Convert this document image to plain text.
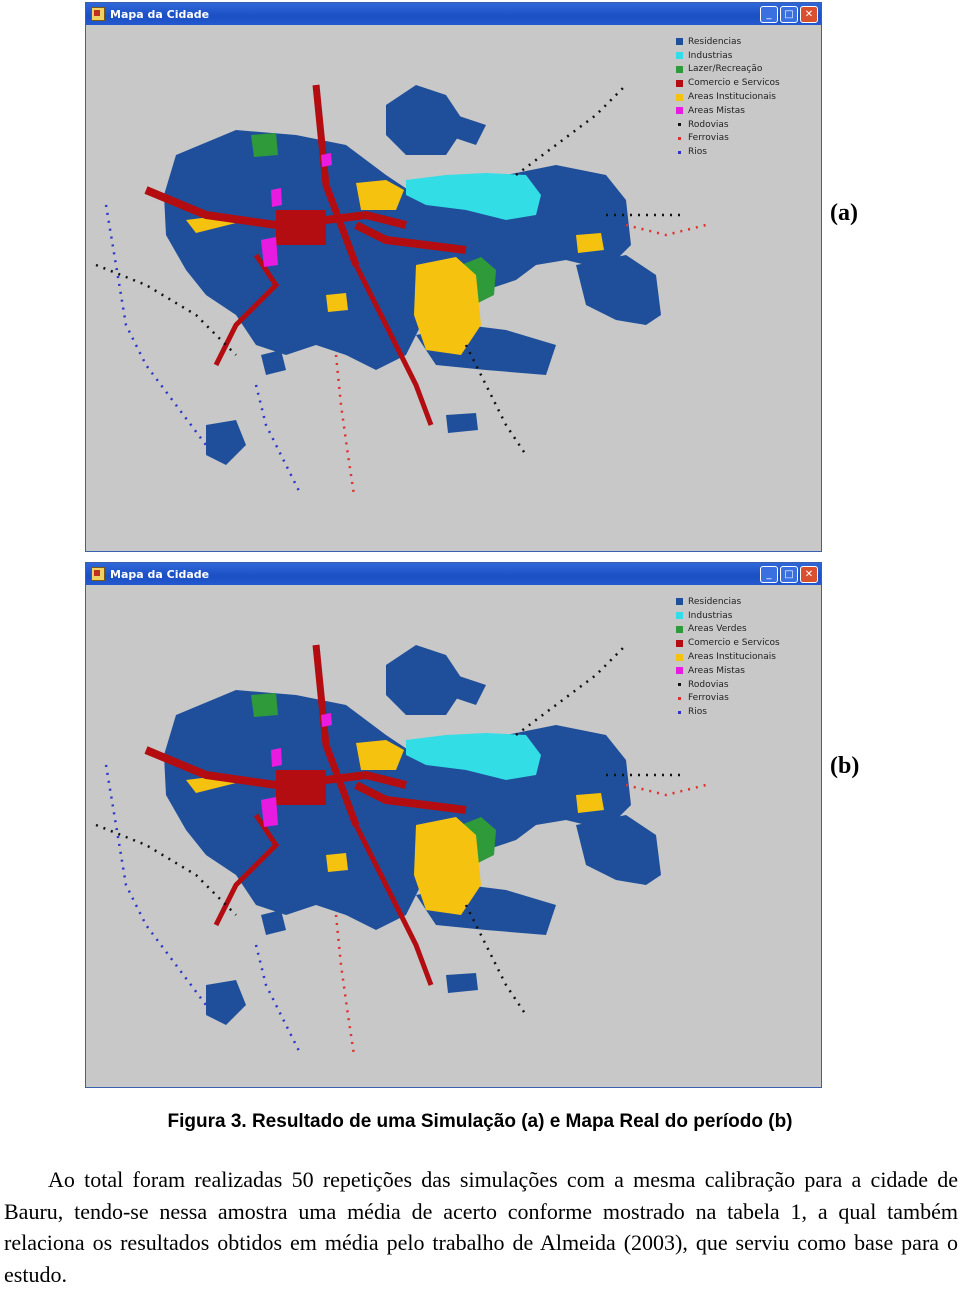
Mapa da Cidade	_	□	✕
Residencias
Industrias
Lazer/Recreação
Comercio e Servicos
Areas Institucionais
Areas Mistas
Rodovias
Ferrovias
Rios
(a)
Mapa da Cidade	_	□	✕
Residencias
Industrias
Areas Verdes
Comercio e Servicos
Areas Institucionais
Areas Mistas
Rodovias
Ferrovias
Rios
(b)
Figura 3. Resultado de uma Simulação (a) e Mapa Real do período (b)

Ao total foram realizadas 50 repetições das simulações com a mesma calibração para a cidade de Bauru, tendo-se nessa amostra uma média de acerto conforme mostrado na tabela 1, a qual também relaciona os resultados obtidos em média pelo trabalho de Almeida (2003), que serviu como base para o estudo.
